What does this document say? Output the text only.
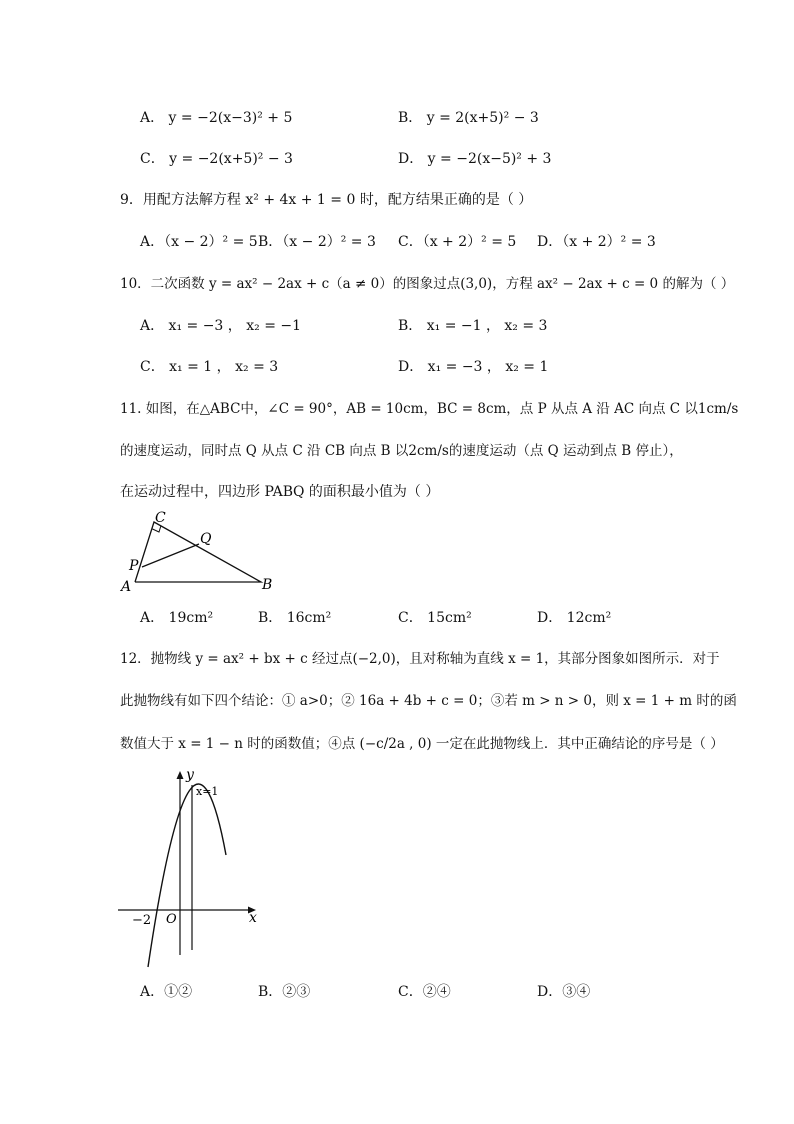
A． y = −2(x−3)² + 5	B． y = 2(x+5)² − 3
C． y = −2(x+5)² − 3	D． y = −2(x−5)² + 3
9．用配方法解方程 x² + 4x + 1 = 0 时，配方结果正确的是（ ）
A．（x − 2）² = 5 B．（x − 2）² = 3 C．（x + 2）² = 5 D．（x + 2）² = 3
10．二次函数 y = ax² − 2ax + c（a ≠ 0）的图象过点(3,0)，方程 ax² − 2ax + c = 0 的解为（ ）
A． x₁ = −3 ， x₂ = −1	B． x₁ = −1 ， x₂ = 3
C． x₁ = 1 ， x₂ = 3	D． x₁ = −3 ， x₂ = 1
11. 如图，在△ABC中，∠C = 90°，AB = 10cm，BC = 8cm，点 P 从点 A 沿 AC 向点 C 以1cm/s
的速度运动，同时点 Q 从点 C 沿 CB 向点 B 以2cm/s的速度运动（点 Q 运动到点 B 停止），
在运动过程中，四边形 PABQ 的面积最小值为（ ）
C
Q
P
A	B
A． 19cm²	B． 16cm²	C． 15cm²	D． 12cm²
12．抛物线 y = ax² + bx + c 经过点(−2,0)，且对称轴为直线 x = 1，其部分图象如图所示．对于
此抛物线有如下四个结论：① a>0；② 16a + 4b + c = 0；③若 m > n > 0，则 x = 1 + m 时的函
数值大于 x = 1 − n 时的函数值；④点 (−c/2a , 0) 一定在此抛物线上．其中正确结论的序号是（ ）
y
x
x=1
O
−2
A．①②	B．②③	C．②④	D．③④
